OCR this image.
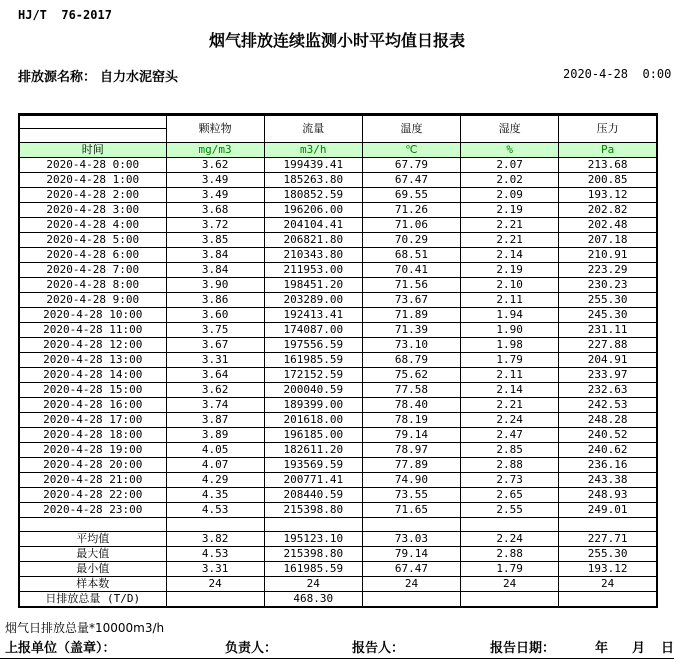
HJ/T  76-2017
烟气排放连续监测小时平均值日报表
排放源名称： 自力水泥窑头	2020-4-28  0:00
	颗粒物	流量	温度	湿度	压力

时间	mg/m3	m3/h	℃	%	Pa
2020-4-28 0:00	3.62	199439.41	67.79	2.07	213.68
2020-4-28 1:00	3.49	185263.80	67.47	2.02	200.85
2020-4-28 2:00	3.49	180852.59	69.55	2.09	193.12
2020-4-28 3:00	3.68	196206.00	71.26	2.19	202.82
2020-4-28 4:00	3.72	204104.41	71.06	2.21	202.48
2020-4-28 5:00	3.85	206821.80	70.29	2.21	207.18
2020-4-28 6:00	3.84	210343.80	68.51	2.14	210.91
2020-4-28 7:00	3.84	211953.00	70.41	2.19	223.29
2020-4-28 8:00	3.90	198451.20	71.56	2.10	230.23
2020-4-28 9:00	3.86	203289.00	73.67	2.11	255.30
2020-4-28 10:00	3.60	192413.41	71.89	1.94	245.30
2020-4-28 11:00	3.75	174087.00	71.39	1.90	231.11
2020-4-28 12:00	3.67	197556.59	73.10	1.98	227.88
2020-4-28 13:00	3.31	161985.59	68.79	1.79	204.91
2020-4-28 14:00	3.64	172152.59	75.62	2.11	233.97
2020-4-28 15:00	3.62	200040.59	77.58	2.14	232.63
2020-4-28 16:00	3.74	189399.00	78.40	2.21	242.53
2020-4-28 17:00	3.87	201618.00	78.19	2.24	248.28
2020-4-28 18:00	3.89	196185.00	79.14	2.47	240.52
2020-4-28 19:00	4.05	182611.20	78.97	2.85	240.62
2020-4-28 20:00	4.07	193569.59	77.89	2.88	236.16
2020-4-28 21:00	4.29	200771.41	74.90	2.73	243.38
2020-4-28 22:00	4.35	208440.59	73.55	2.65	248.93
2020-4-28 23:00	4.53	215398.80	71.65	2.55	249.01

平均值	3.82	195123.10	73.03	2.24	227.71
最大值	4.53	215398.80	79.14	2.88	255.30
最小值	3.31	161985.59	67.47	1.79	193.12
样本数	24	24	24	24	24
日排放总量 (T/D)		468.30			
烟气日排放总量*10000m3/h
上报单位（盖章）：	负责人：	报告人：	报告日期：	年 月 日
